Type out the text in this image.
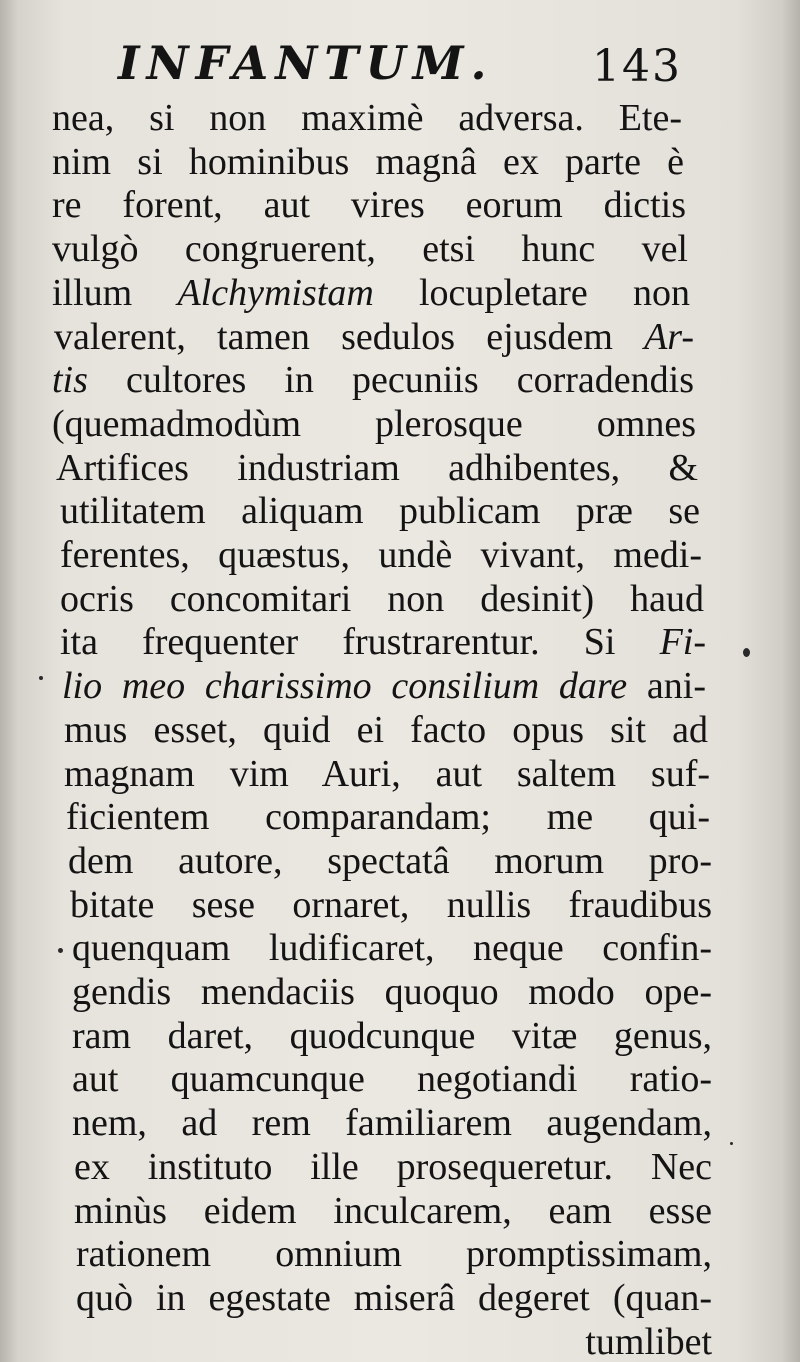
INFANTUM. 143
nea, si non maximè adversa. Ete-
nim si hominibus magnâ ex parte è
re forent, aut vires eorum dictis
vulgò congruerent, etsi hunc vel
illum Alchymistam locupletare non
valerent, tamen sedulos ejusdem Ar-
tis cultores in pecuniis corradendis
(quemadmodùm plerosque omnes
Artifices industriam adhibentes, &
utilitatem aliquam publicam præ se
ferentes, quæstus, undè vivant, medi-
ocris concomitari non desinit) haud
ita frequenter frustrarentur. Si Fi-
lio meo charissimo consilium dare ani-
mus esset, quid ei facto opus sit ad
magnam vim Auri, aut saltem suf-
ficientem comparandam; me qui-
dem autore, spectatâ morum pro-
bitate sese ornaret, nullis fraudibus
quenquam ludificaret, neque confin-
gendis mendaciis quoquo modo ope-
ram daret, quodcunque vitæ genus,
aut quamcunque negotiandi ratio-
nem, ad rem familiarem augendam,
ex instituto ille prosequeretur. Nec
minùs eidem inculcarem, eam esse
rationem omnium promptissimam,
quò in egestate miserâ degeret (quan-
tumlibet
